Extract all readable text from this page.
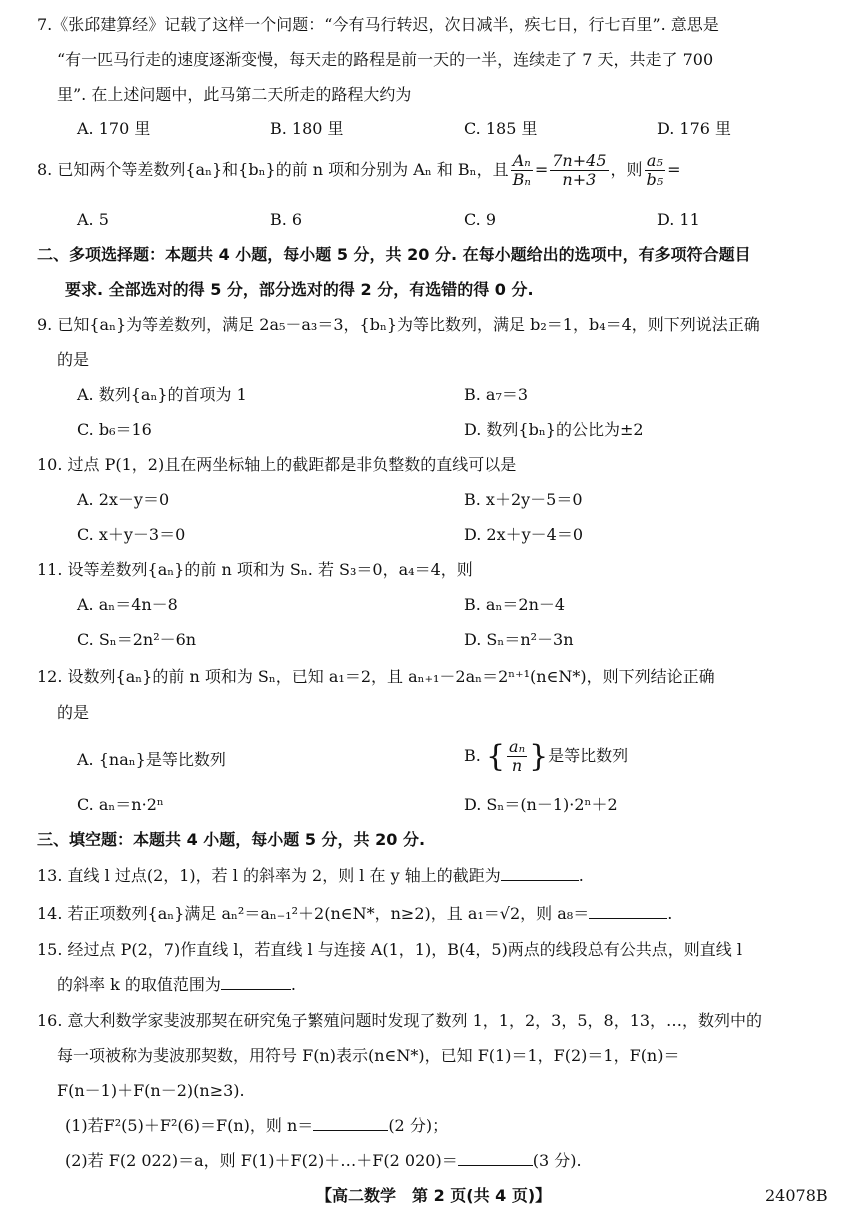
7.《张邱建算经》记载了这样一个问题：“今有马行转迟，次日减半，疾七日，行七百里”. 意思是
“有一匹马行走的速度逐渐变慢，每天走的路程是前一天的一半，连续走了 7 天，共走了 700
里”. 在上述问题中，此马第二天所走的路程大约为
A. 170 里	B. 180 里	C. 185 里	D. 176 里
8. 已知两个等差数列{aₙ}和{bₙ}的前 n 项和分别为 Aₙ 和 Bₙ，且 $\frac{\text{Aₙ}}{\text{Bₙ}} = \frac{7n+45}{n+3}$ ，则 $\frac{\text{a₅}}{\text{b₅}}$ =
A. 5	B. 6	C. 9	D. 11
二、多项选择题：本题共 4 小题，每小题 5 分，共 20 分. 在每小题给出的选项中，有多项符合题目
要求. 全部选对的得 5 分，部分选对的得 2 分，有选错的得 0 分.
9. 已知{aₙ}为等差数列，满足 2a₅－a₃＝3，{bₙ}为等比数列，满足 b₂＝1，b₄＝4，则下列说法正确
的是
A. 数列{aₙ}的首项为 1	B. a₇＝3
C. b₆＝16	D. 数列{bₙ}的公比为±2
10. 过点 P(1，2)且在两坐标轴上的截距都是非负整数的直线可以是
A. 2x－y＝0	B. x＋2y－5＝0
C. x＋y－3＝0	D. 2x＋y－4＝0
11. 设等差数列{aₙ}的前 n 项和为 Sₙ. 若 S₃＝0，a₄＝4，则
A. aₙ＝4n－8	B. aₙ＝2n－4
C. Sₙ＝2n²－6n	D. Sₙ＝n²－3n
12. 设数列{aₙ}的前 n 项和为 Sₙ，已知 a₁＝2，且 aₙ₊₁－2aₙ＝2ⁿ⁺¹(n∈N*)，则下列结论正确
的是
A. {naₙ}是等比数列	B. { $\frac{\text{aₙ}}{n}$ }是等比数列
C. aₙ＝n·2ⁿ	D. Sₙ＝(n－1)·2ⁿ＋2
三、填空题：本题共 4 小题，每小题 5 分，共 20 分.
13. 直线 l 过点(2，1)，若 l 的斜率为 2，则 l 在 y 轴上的截距为	.
14. 若正项数列{aₙ}满足 aₙ²＝aₙ₋₁²＋2(n∈N*，n≥2)，且 a₁＝√2，则 a₈＝	.
15. 经过点 P(2，7)作直线 l，若直线 l 与连接 A(1，1)，B(4，5)两点的线段总有公共点，则直线 l
的斜率 k 的取值范围为	.
16. 意大利数学家斐波那契在研究兔子繁殖问题时发现了数列 1，1，2，3，5，8，13，…，数列中的
每一项被称为斐波那契数，用符号 F(n)表示(n∈N*)，已知 F(1)＝1，F(2)＝1，F(n)＝
F(n－1)＋F(n－2)(n≥3).
(1)若F²(5)＋F²(6)＝F(n)，则 n＝	(2 分)；
(2)若 F(2 022)＝a，则 F(1)＋F(2)＋…＋F(2 020)＝	(3 分).
【高二数学　第 2 页(共 4 页)】	24078B
